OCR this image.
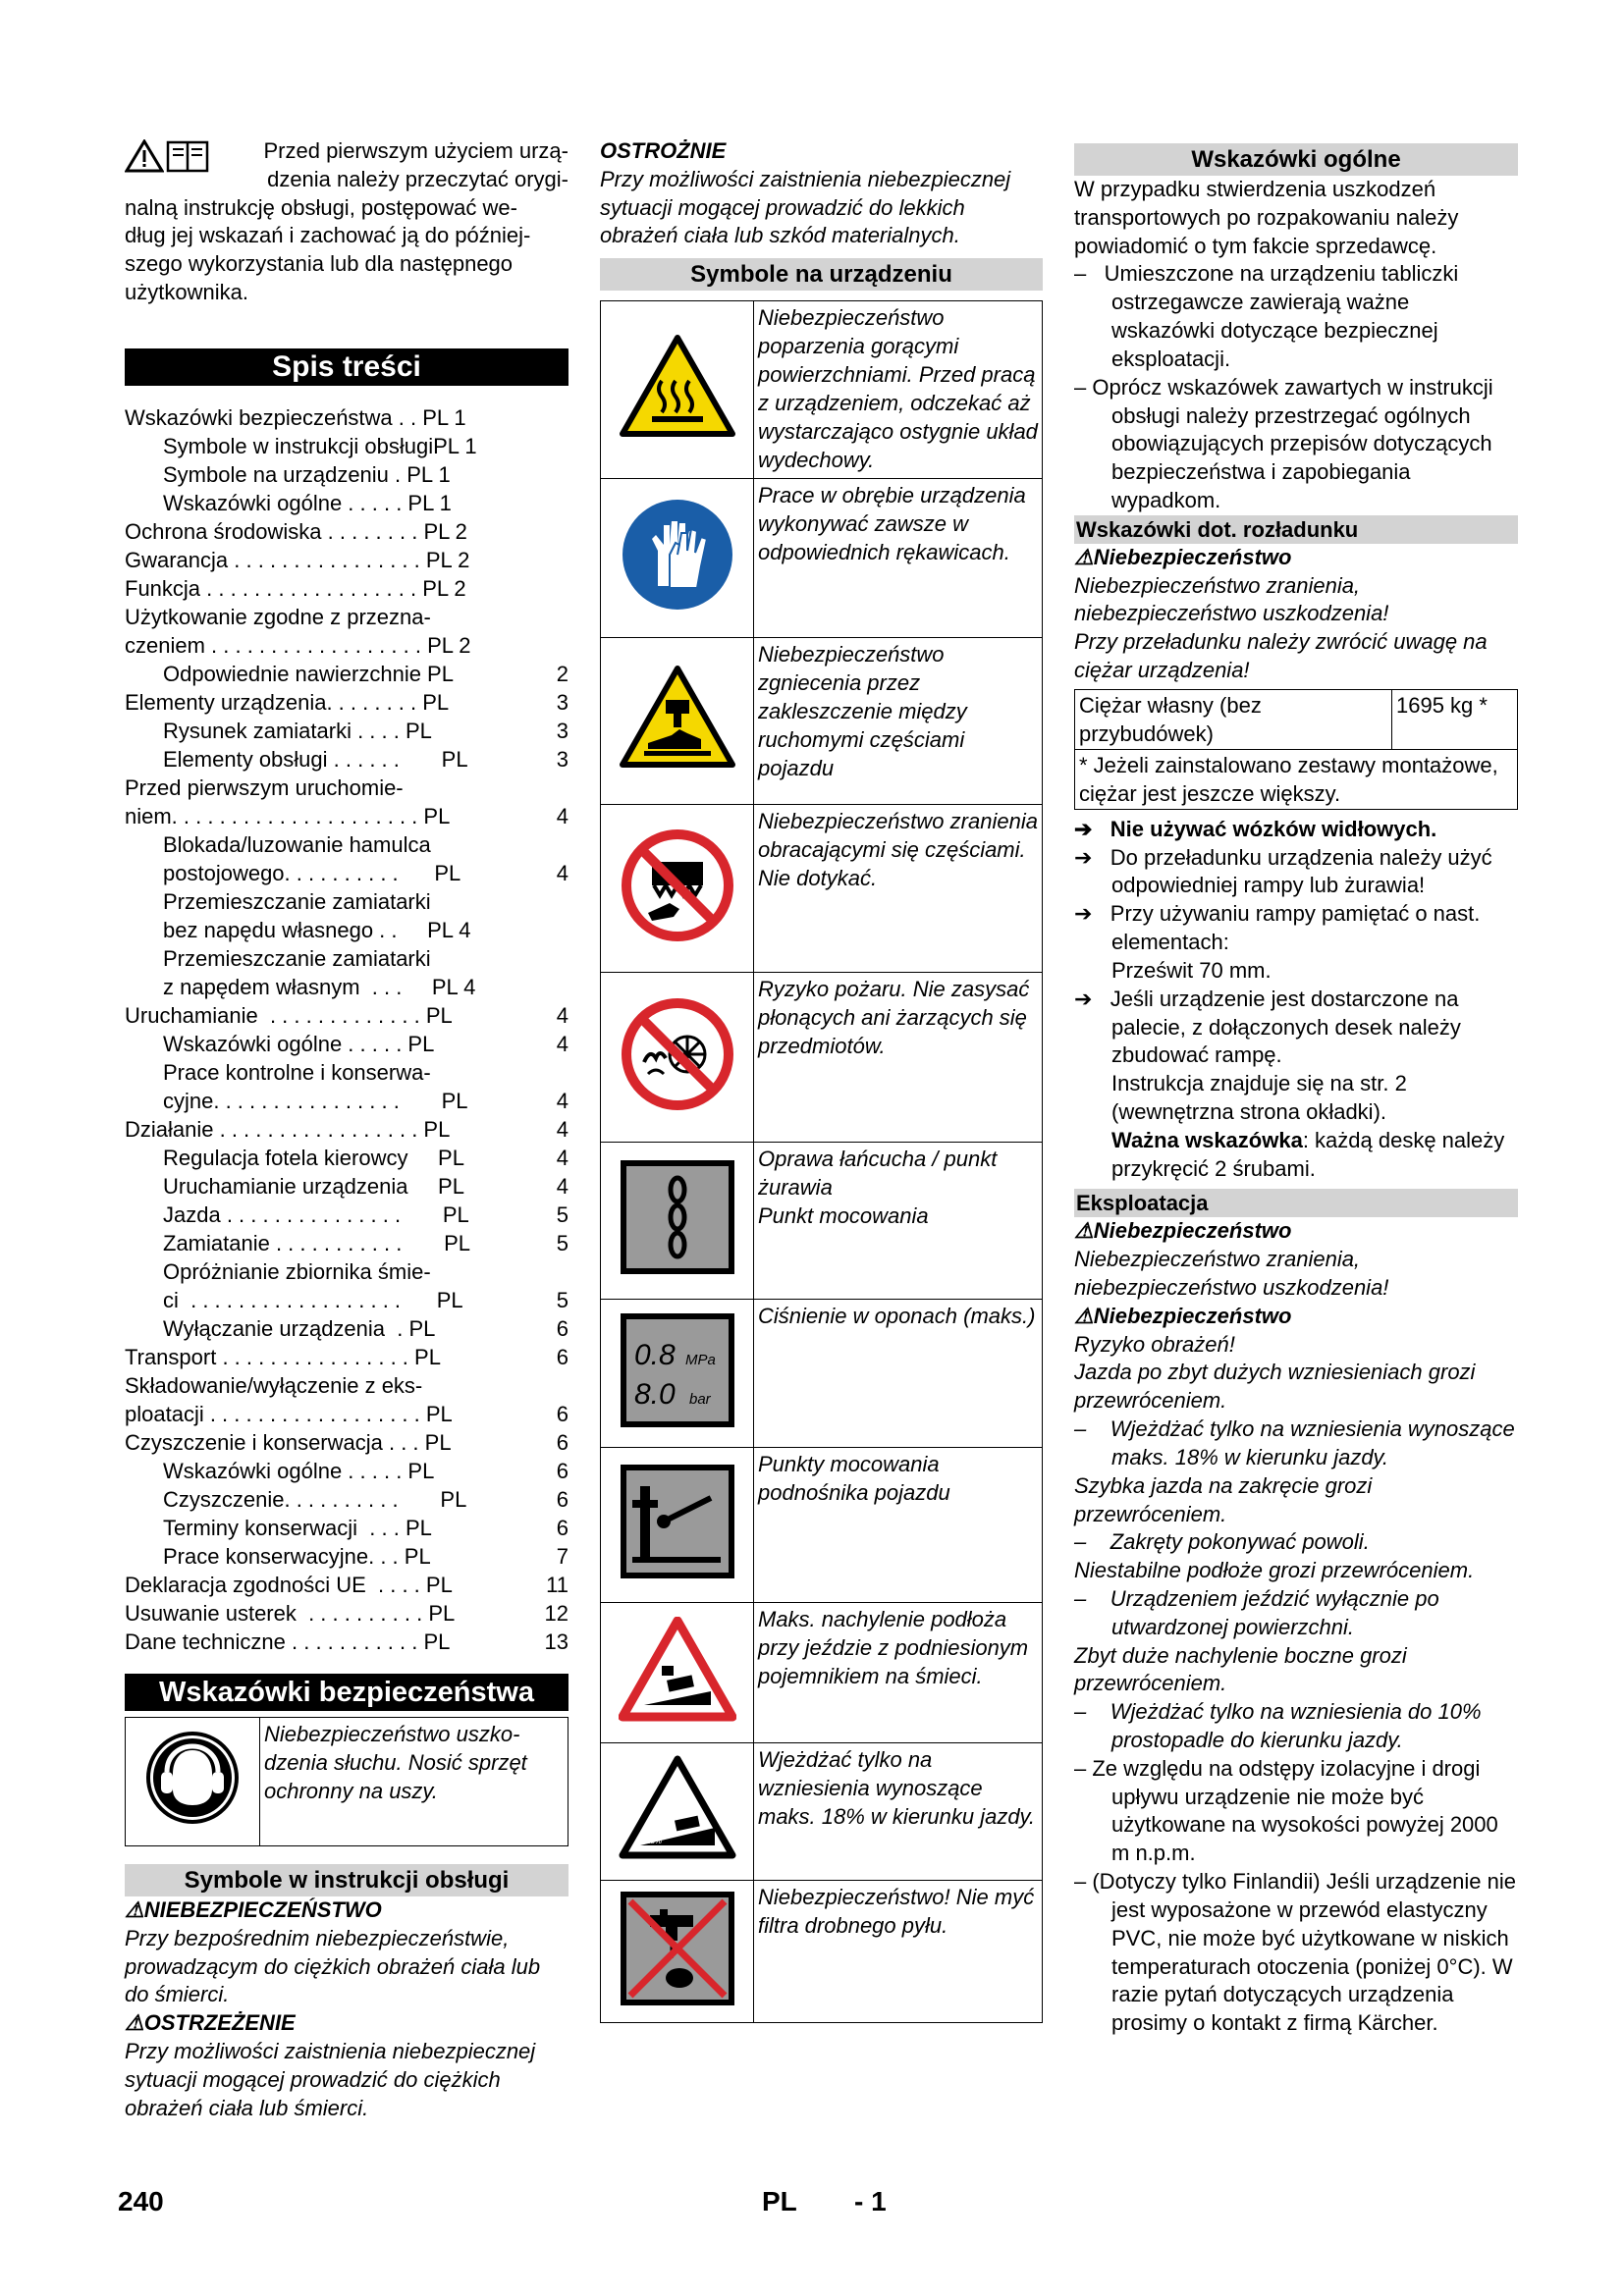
Przed pierwszym użyciem urzą-

dzenia należy przeczytać orygi-

nalną instrukcję obsługi, postępować we-

dług jej wskazań i zachować ją do później-

szego wykorzystania lub dla następnego

użytkownika.

Spis treści
Wskazówki bezpieczeństwa . . PL 1
Symbole w instrukcji obsługiPL 1
Symbole na urządzeniu . PL 1
Wskazówki ogólne . . . . . PL 1
Ochrona środowiska . . . . . . . . PL 2
Gwarancja . . . . . . . . . . . . . . . . PL 2
Funkcja . . . . . . . . . . . . . . . . . . PL 2
Użytkowanie zgodne z przezna-
czeniem . . . . . . . . . . . . . . . . . . PL 2
Odpowiednie nawierzchnie PL	2
Elementy urządzenia. . . . . . . . PL	3
Rysunek zamiatarki . . . . PL	3
Elementy obsługi . . . . . .       PL	3
Przed pierwszym uruchomie-
niem. . . . . . . . . . . . . . . . . . . . . PL	4
Blokada/luzowanie hamulca
postojowego. . . . . . . . . .      PL	4
Przemieszczanie zamiatarki
bez napędu własnego . .     PL 4
Przemieszczanie zamiatarki
z napędem własnym  . . .     PL 4
Uruchamianie  . . . . . . . . . . . . . PL	4
Wskazówki ogólne . . . . . PL	4
Prace kontrolne i konserwa-
cyjne. . . . . . . . . . . . . . . .       PL	4
Działanie . . . . . . . . . . . . . . . . . PL	4
Regulacja fotela kierowcy     PL	4
Uruchamianie urządzenia     PL	4
Jazda . . . . . . . . . . . . . . .       PL	5
Zamiatanie . . . . . . . . . . .       PL	5
Opróżnianie zbiornika śmie-
ci  . . . . . . . . . . . . . . . . . .      PL	5
Wyłączanie urządzenia  . PL	6
Transport . . . . . . . . . . . . . . . . PL	6
Składowanie/wyłączenie z eks-
ploatacji . . . . . . . . . . . . . . . . . . PL	6
Czyszczenie i konserwacja . . . PL	6
Wskazówki ogólne . . . . . PL	6
Czyszczenie. . . . . . . . . .       PL	6
Terminy konserwacji  . . . PL	6
Prace konserwacyjne. . . PL	7
Deklaracja zgodności UE  . . . . PL	11
Usuwanie usterek  . . . . . . . . . . PL	12
Dane techniczne . . . . . . . . . . . PL	13
Wskazówki bezpieczeństwa
	Niebezpieczeństwo uszko-dzenia słuchu. Nosić sprzęt ochronny na uszy.
Symbole w instrukcji obsługi

⚠NIEBEZPIECZEŃSTWO

Przy bezpośrednim niebezpieczeństwie, prowadzącym do ciężkich obrażeń ciała lub do śmierci.

⚠OSTRZEŻENIE

Przy możliwości zaistnienia niebezpiecznej sytuacji mogącej prowadzić do ciężkich obrażeń ciała lub śmierci.

OSTROŻNIE

Przy możliwości zaistnienia niebezpiecznej sytuacji mogącej prowadzić do lekkich obrażeń ciała lub szkód materialnych.

Symbole na urządzeniu
	Niebezpieczeństwo poparzenia gorącymi powierzchniami. Przed pracą z urządzeniem, odczekać aż wystarczająco ostygnie układ wydechowy.
	Prace w obrębie urządzenia wykonywać zawsze w odpowiednich rękawicach.
	Niebezpieczeństwo zgniecenia przez zakleszczenie między ruchomymi częściami pojazdu
	Niebezpieczeństwo zranienia obracającymi się częściami. Nie dotykać.
	Ryzyko pożaru. Nie zasysać płonących ani żarzących się przedmiotów.
	Oprawa łańcucha / punkt żurawia
Punkt mocowania

0.8 MPa
8.0 bar	Ciśnienie w oponach (maks.)
	Punkty mocowania podnośnika pojazdu

%	Maks. nachylenie podłoża przy jeździe z podniesionym pojemnikiem na śmieci.

18%	Wjeżdżać tylko na wzniesienia wynoszące maks. 18% w kierunku jazdy.
	Niebezpieczeństwo! Nie myć filtra drobnego pyłu.
Wskazówki ogólne

W przypadku stwierdzenia uszkodzeń transportowych po rozpakowaniu należy powiadomić o tym fakcie sprzedawcę.

–   Umieszczone na urządzeniu tabliczki ostrzegawcze zawierają ważne wskazówki dotyczące bezpiecznej eksploatacji.

– Oprócz wskazówek zawartych w instrukcji obsługi należy przestrzegać ogólnych obowiązujących przepisów dotyczących bezpieczeństwa i zapobiegania wypadkom.

Wskazówki dot. rozładunku

⚠Niebezpieczeństwo

Niebezpieczeństwo zranienia, niebezpieczeństwo uszkodzenia!

Przy przeładunku należy zwrócić uwagę na ciężar urządzenia!

Ciężar własny (bez przybudówek)	1695 kg *
* Jeżeli zainstalowano zestawy montażowe, ciężar jest jeszcze większy.

➔ Nie używać wózków widłowych.

➔ Do przeładunku urządzenia należy użyć odpowiedniej rampy lub żurawia!

➔ Przy używaniu rampy pamiętać o nast. elementach:

Prześwit 70 mm.

➔ Jeśli urządzenie jest dostarczone na palecie, z dołączonych desek należy zbudować rampę.

Instrukcja znajduje się na str. 2 (wewnętrzna strona okładki).

Ważna wskazówka: każdą deskę należy przykręcić 2 śrubami.

Eksploatacja

⚠Niebezpieczeństwo

Niebezpieczeństwo zranienia, niebezpieczeństwo uszkodzenia!

⚠Niebezpieczeństwo

Ryzyko obrażeń!

Jazda po zbyt dużych wzniesieniach grozi przewróceniem.

–    Wjeżdżać tylko na wzniesienia wynoszące maks. 18% w kierunku jazdy.

Szybka jazda na zakręcie grozi przewróceniem.

–    Zakręty pokonywać powoli.

Niestabilne podłoże grozi przewróceniem.

–    Urządzeniem jeździć wyłącznie po utwardzonej powierzchni.

Zbyt duże nachylenie boczne grozi przewróceniem.

–    Wjeżdżać tylko na wzniesienia do 10% prostopadle do kierunku jazdy.

– Ze względu na odstępy izolacyjne i drogi upływu urządzenie nie może być użytkowane na wysokości powyżej 2000 m n.p.m.

– (Dotyczy tylko Finlandii) Jeśli urządzenie nie jest wyposażone w przewód elastyczny PVC, nie może być użytkowane w niskich temperaturach otoczenia (poniżej 0°C). W razie pytań dotyczących urządzenia prosimy o kontakt z firmą Kärcher.

240	PL - 1
